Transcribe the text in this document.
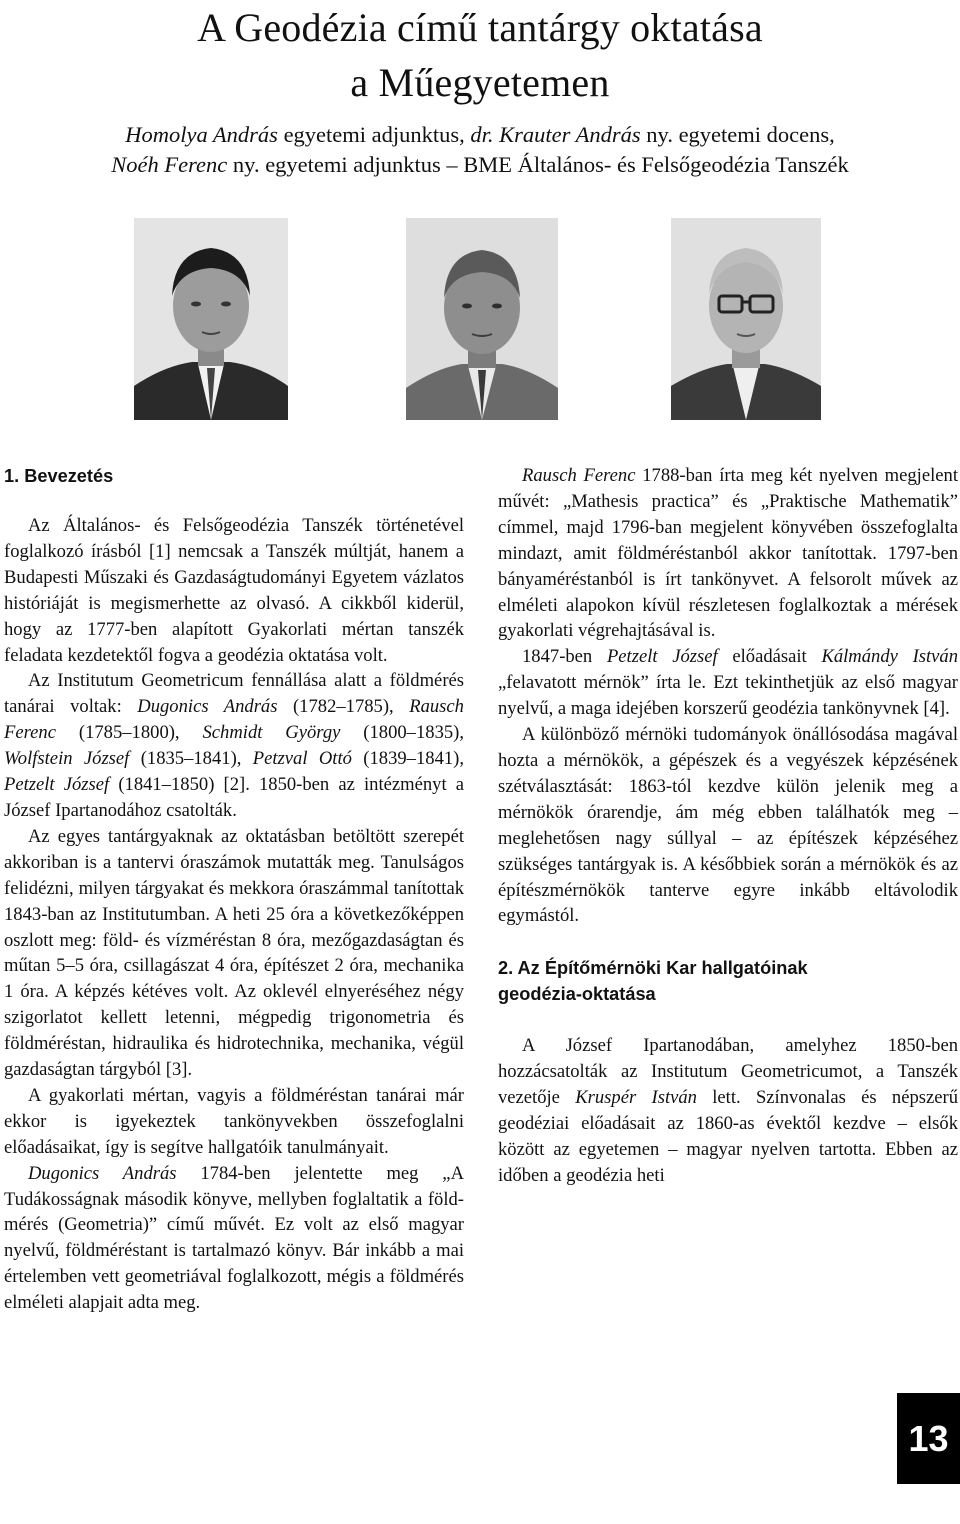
A Geodézia című tantárgy oktatása
a Műegyetemen
Homolya András egyetemi adjunktus, dr. Krauter András ny. egyetemi docens,
Noéh Ferenc ny. egyetemi adjunktus – BME Általános- és Felsőgeodézia Tanszék
1. Bevezetés

Az Általános- és Felsőgeodézia Tanszék történetével foglalkozó írásból [1] nemcsak a Tanszék múltját, hanem a Budapesti Műszaki és Gazdaságtudományi Egyetem vázlatos históriáját is megismerhette az olvasó. A cikkből kiderül, hogy az 1777-ben alapított Gyakorlati mértan tanszék feladata kezdetektől fogva a geodézia oktatása volt.

Az Institutum Geometricum fennállása alatt a földmérés tanárai voltak: Dugonics András (1782–1785), Rausch Ferenc (1785–1800), Schmidt György (1800–1835), Wolfstein József (1835–1841), Petzval Ottó (1839–1841), Petzelt József (1841–1850) [2]. 1850-ben az intézményt a József Ipartanodához csatolták.

Az egyes tantárgyaknak az oktatásban betöltött szerepét akkoriban is a tantervi óraszámok mutatták meg. Tanulságos felidézni, milyen tárgyakat és mekkora óraszámmal tanítottak 1843-ban az Institutumban. A heti 25 óra a következőképpen oszlott meg: föld- és vízméréstan 8 óra, mezőgazdaságtan és műtan 5–5 óra, csillagászat 4 óra, építészet 2 óra, mechanika 1 óra. A képzés kétéves volt. Az oklevél elnyeréséhez négy szigorlatot kellett letenni, mégpedig trigonometria és földméréstan, hidraulika és hidrotechnika, mechanika, végül gazdaságtan tárgyból [3].

A gyakorlati mértan, vagyis a földméréstan tanárai már ekkor is igyekeztek tankönyvekben összefoglalni előadásaikat, így is segítve hallgatóik tanulmányait.

Dugonics András 1784-ben jelentette meg „A Tudákosságnak második könyve, mellyben foglaltatik a föld-mérés (Geometria)” című művét. Ez volt az első magyar nyelvű, földméréstant is tartalmazó könyv. Bár inkább a mai értelemben vett geometriával foglalkozott, mégis a földmérés elméleti alapjait adta meg.

Rausch Ferenc 1788-ban írta meg két nyelven megjelent művét: „Mathesis practica” és „Praktische Mathematik” címmel, majd 1796-ban megjelent könyvében összefoglalta mindazt, amit földméréstanból akkor tanítottak. 1797-ben bányaméréstanból is írt tankönyvet. A felsorolt művek az elméleti alapokon kívül részletesen foglalkoztak a mérések gyakorlati végrehajtásával is.

1847-ben Petzelt József előadásait Kálmándy István „felavatott mérnök” írta le. Ezt tekinthetjük az első magyar nyelvű, a maga idejében korszerű geodézia tankönyvnek [4].

A különböző mérnöki tudományok önállósodása magával hozta a mérnökök, a gépészek és a vegyészek képzésének szétválasztását: 1863-tól kezdve külön jelenik meg a mérnökök órarendje, ám még ebben találhatók meg – meglehetősen nagy súllyal – az építészek képzéséhez szükséges tantárgyak is. A későbbiek során a mérnökök és az építészmérnökök tanterve egyre inkább eltávolodik egymástól.

2. Az Építőmérnöki Kar hallgatóinak
geodézia-oktatása

A József Ipartanodában, amelyhez 1850-ben hozzácsatolták az Institutum Geometricumot, a Tanszék vezetője Kruspér István lett. Színvonalas és népszerű geodéziai előadásait az 1860-as évektől kezdve – elsők között az egyetemen – magyar nyelven tartotta. Ebben az időben a geodézia heti

13
